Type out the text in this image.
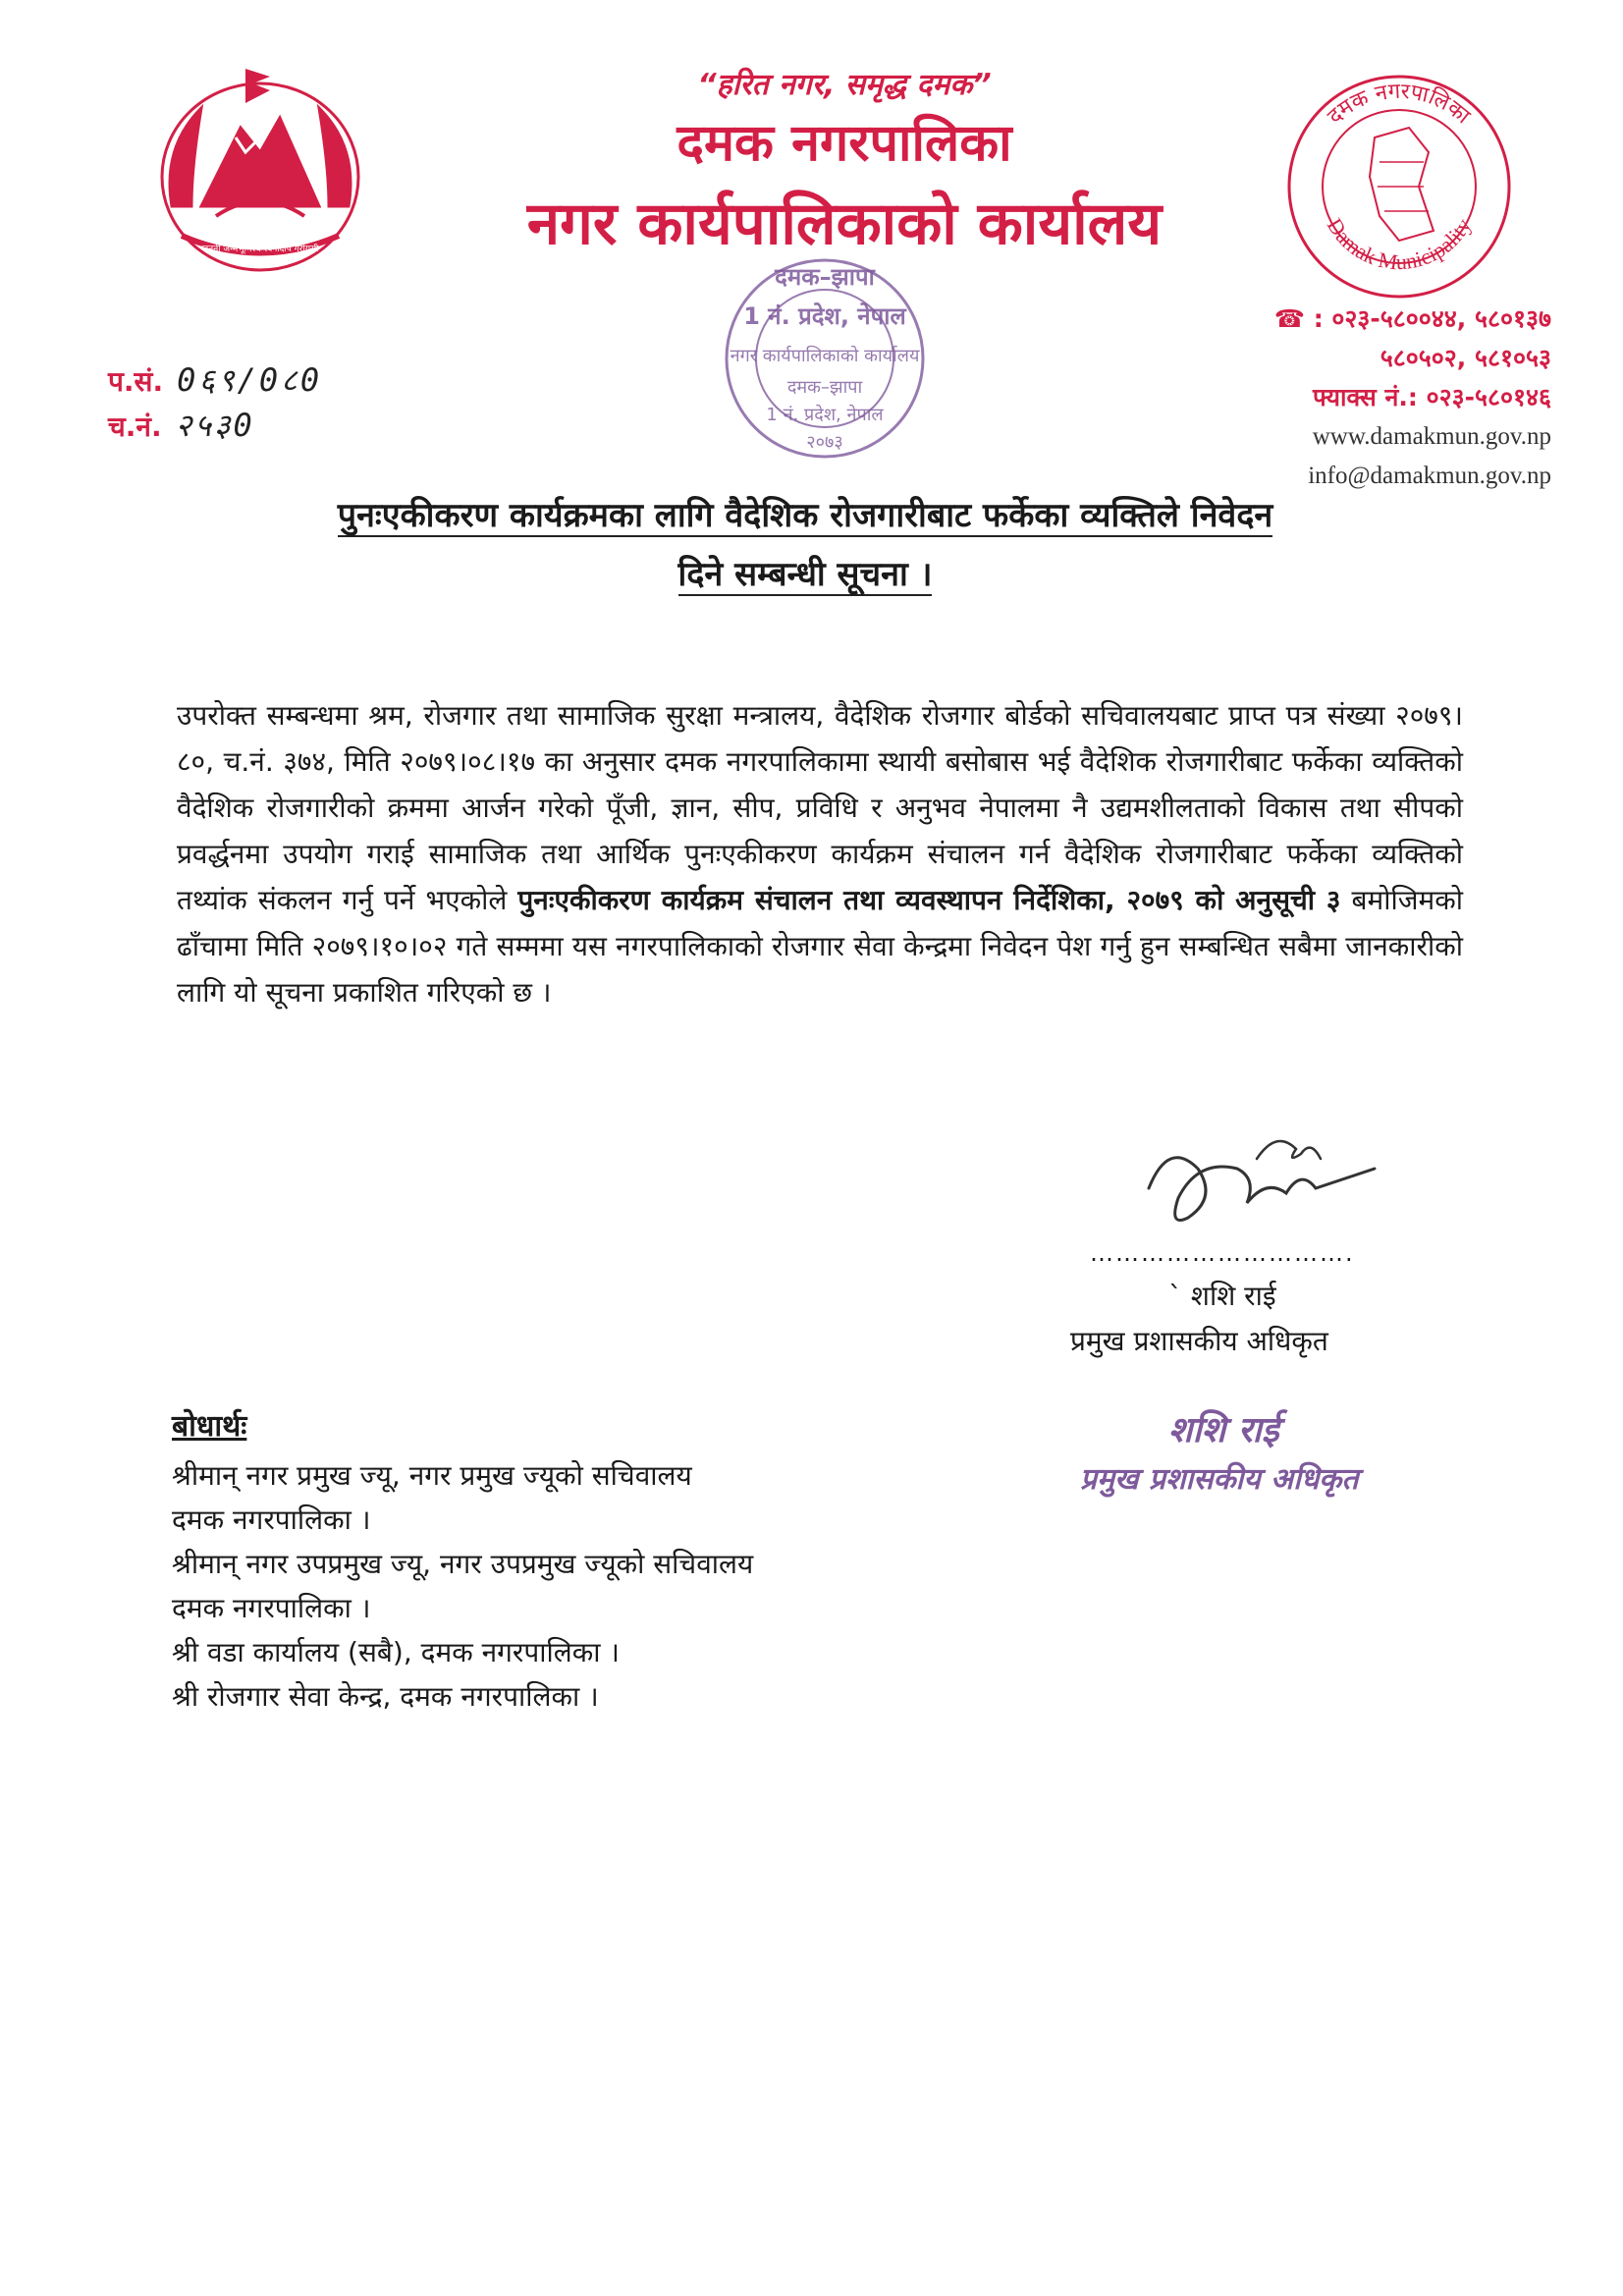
जननी जन्मभूमिश्च स्वर्गादपि गरीयसी
“हरित नगर, समृद्ध दमक”
दमक नगरपालिका
नगर कार्यपालिकाको कार्यालय
दमक नगरपालिका
Damak Municipality
दमक–झापा
1 नं. प्रदेश, नेपाल
नगर कार्यपालिकाको कार्यालय
दमक–झापा
1 नं. प्रदेश, नेपाल
२०७३
☎ : ०२३-५८००४४, ५८०१३७
५८०५०२, ५८१०५३
फ्याक्स नं.: ०२३-५८०१४६
www.damakmun.gov.np
info@damakmun.gov.np
प.सं. 0६९/0८0
च.नं. २५३0
पुनःएकीकरण कार्यक्रमका लागि वैदेशिक रोजगारीबाट फर्केका व्यक्तिले निवेदन
दिने सम्बन्धी सूचना ।
उपरोक्त सम्बन्धमा श्रम, रोजगार तथा सामाजिक सुरक्षा मन्त्रालय, वैदेशिक रोजगार बोर्डको सचिवालयबाट प्राप्त पत्र संख्या २०७९।८०, च.नं. ३७४, मिति २०७९।०८।१७ का अनुसार दमक नगरपालिकामा स्थायी बसोबास भई वैदेशिक रोजगारीबाट फर्केका व्यक्तिको वैदेशिक रोजगारीको क्रममा आर्जन गरेको पूँजी, ज्ञान, सीप, प्रविधि र अनुभव नेपालमा नै उद्यमशीलताको विकास तथा सीपको प्रवर्द्धनमा उपयोग गराई सामाजिक तथा आर्थिक पुनःएकीकरण कार्यक्रम संचालन गर्न वैदेशिक रोजगारीबाट फर्केका व्यक्तिको तथ्यांक संकलन गर्नु पर्ने भएकोले पुनःएकीकरण कार्यक्रम संचालन तथा व्यवस्थापन निर्देशिका, २०७९ को अनुसूची ३ बमोजिमको ढाँचामा मिति २०७९।१०।०२ गते सम्ममा यस नगरपालिकाको रोजगार सेवा केन्द्रमा निवेदन पेश गर्नु हुन सम्बन्धित सबैमा जानकारीको लागि यो सूचना प्रकाशित गरिएको छ ।
………………………….
` शशि राई
प्रमुख प्रशासकीय अधिकृत
शशि राई
प्रमुख प्रशासकीय अधिकृत
बोधार्थः
श्रीमान् नगर प्रमुख ज्यू, नगर प्रमुख ज्यूको सचिवालय
दमक नगरपालिका ।
श्रीमान् नगर उपप्रमुख ज्यू, नगर उपप्रमुख ज्यूको सचिवालय
दमक नगरपालिका ।
श्री वडा कार्यालय (सबै), दमक नगरपालिका ।
श्री रोजगार सेवा केन्द्र, दमक नगरपालिका ।
